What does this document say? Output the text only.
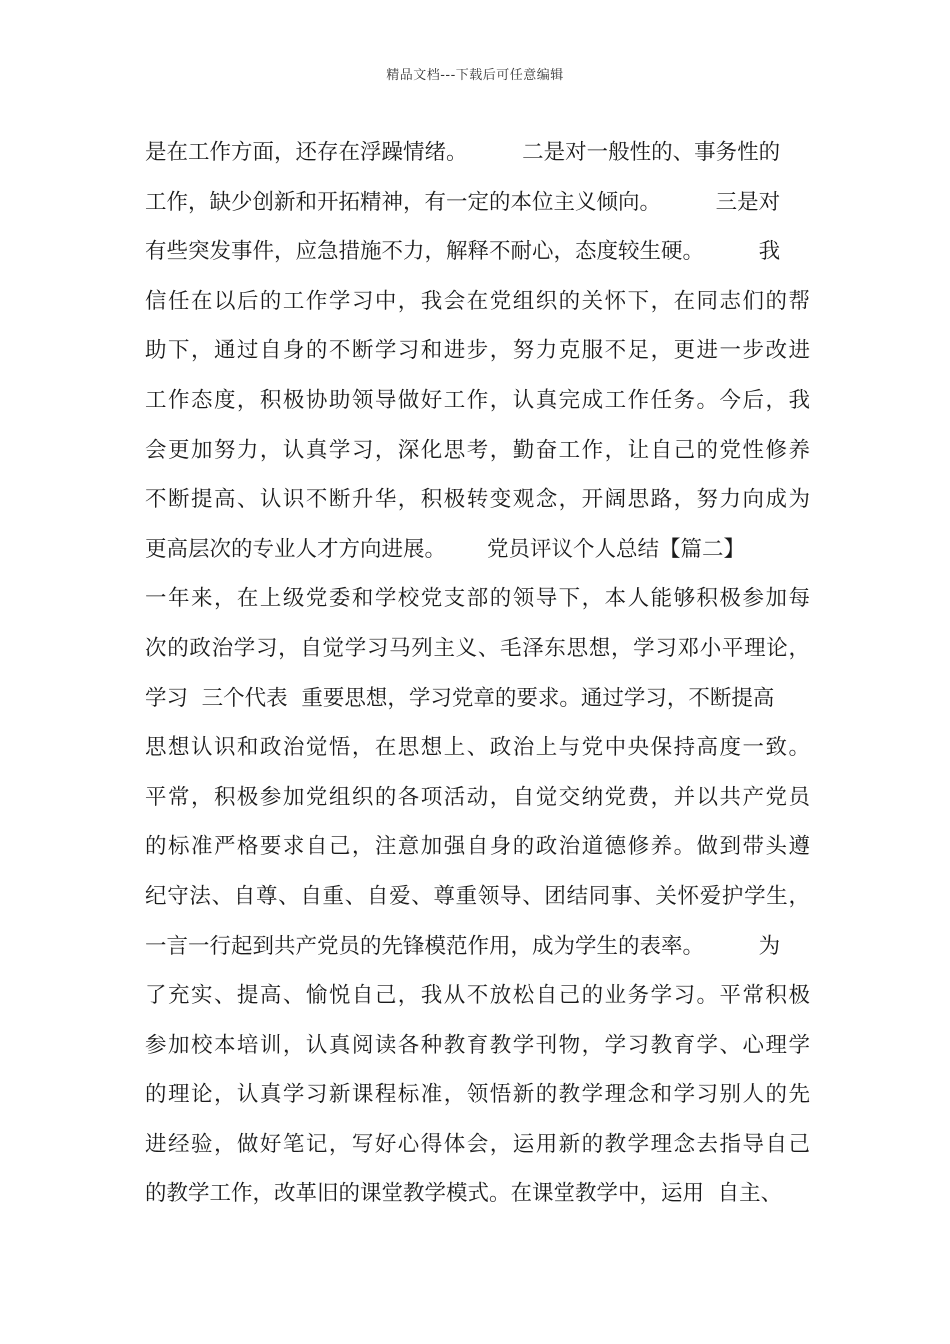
精品文档---下载后可任意编辑
是在工作方面，还存在浮躁情绪。        二是对一般性的、事务性的
工作，缺少创新和开拓精神，有一定的本位主义倾向。        三是对
有些突发事件，应急措施不力，解释不耐心，态度较生硬。        我
信任在以后的工作学习中，我会在党组织的关怀下，在同志们的帮
助下，通过自身的不断学习和进步，努力克服不足，更进一步改进
工作态度，积极协助领导做好工作，认真完成工作任务。今后，我
会更加努力，认真学习，深化思考，勤奋工作，让自己的党性修养
不断提高、认识不断升华，积极转变观念，开阔思路，努力向成为
更高层次的专业人才方向进展。      党员评议个人总结【篇二】
一年来，在上级党委和学校党支部的领导下，本人能够积极参加每
次的政治学习，自觉学习马列主义、毛泽东思想，学习邓小平理论，
学习  三个代表  重要思想，学习党章的要求。通过学习，不断提高
思想认识和政治觉悟，在思想上、政治上与党中央保持高度一致。
平常，积极参加党组织的各项活动，自觉交纳党费，并以共产党员
的标准严格要求自己，注意加强自身的政治道德修养。做到带头遵
纪守法、自尊、自重、自爱、尊重领导、团结同事、关怀爱护学生，
一言一行起到共产党员的先锋模范作用，成为学生的表率。        为
了充实、提高、愉悦自己，我从不放松自己的业务学习。平常积极
参加校本培训，认真阅读各种教育教学刊物，学习教育学、心理学
的理论，认真学习新课程标准，领悟新的教学理念和学习别人的先
进经验，做好笔记，写好心得体会，运用新的教学理念去指导自己
的教学工作，改革旧的课堂教学模式。在课堂教学中，运用  自主、
